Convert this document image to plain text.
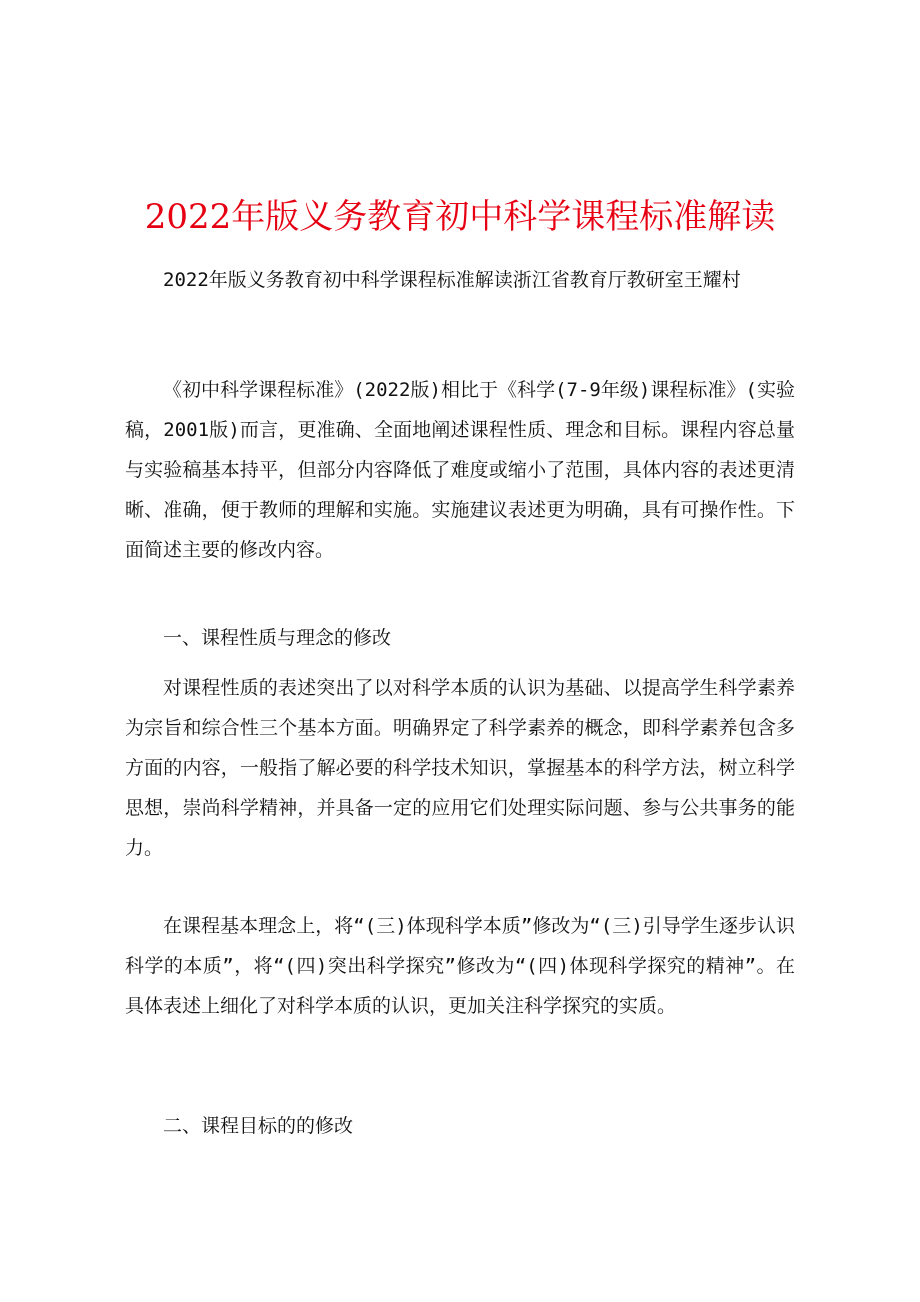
2022年版义务教育初中科学课程标准解读

2022年版义务教育初中科学课程标准解读浙江省教育厅教研室王耀村

《初中科学课程标准》(2022版)相比于《科学(7-9年级)课程标准》(实验稿，2001版)而言，更准确、全面地阐述课程性质、理念和目标。课程内容总量与实验稿基本持平，但部分内容降低了难度或缩小了范围，具体内容的表述更清晰、准确，便于教师的理解和实施。实施建议表述更为明确，具有可操作性。下面简述主要的修改内容。

一、课程性质与理念的修改

对课程性质的表述突出了以对科学本质的认识为基础、以提高学生科学素养为宗旨和综合性三个基本方面。明确界定了科学素养的概念，即科学素养包含多方面的内容，一般指了解必要的科学技术知识，掌握基本的科学方法，树立科学思想，崇尚科学精神，并具备一定的应用它们处理实际问题、参与公共事务的能力。

在课程基本理念上，将“(三)体现科学本质”修改为“(三)引导学生逐步认识科学的本质”，将“(四)突出科学探究”修改为“(四)体现科学探究的精神”。在具体表述上细化了对科学本质的认识，更加关注科学探究的实质。

二、课程目标的的修改
